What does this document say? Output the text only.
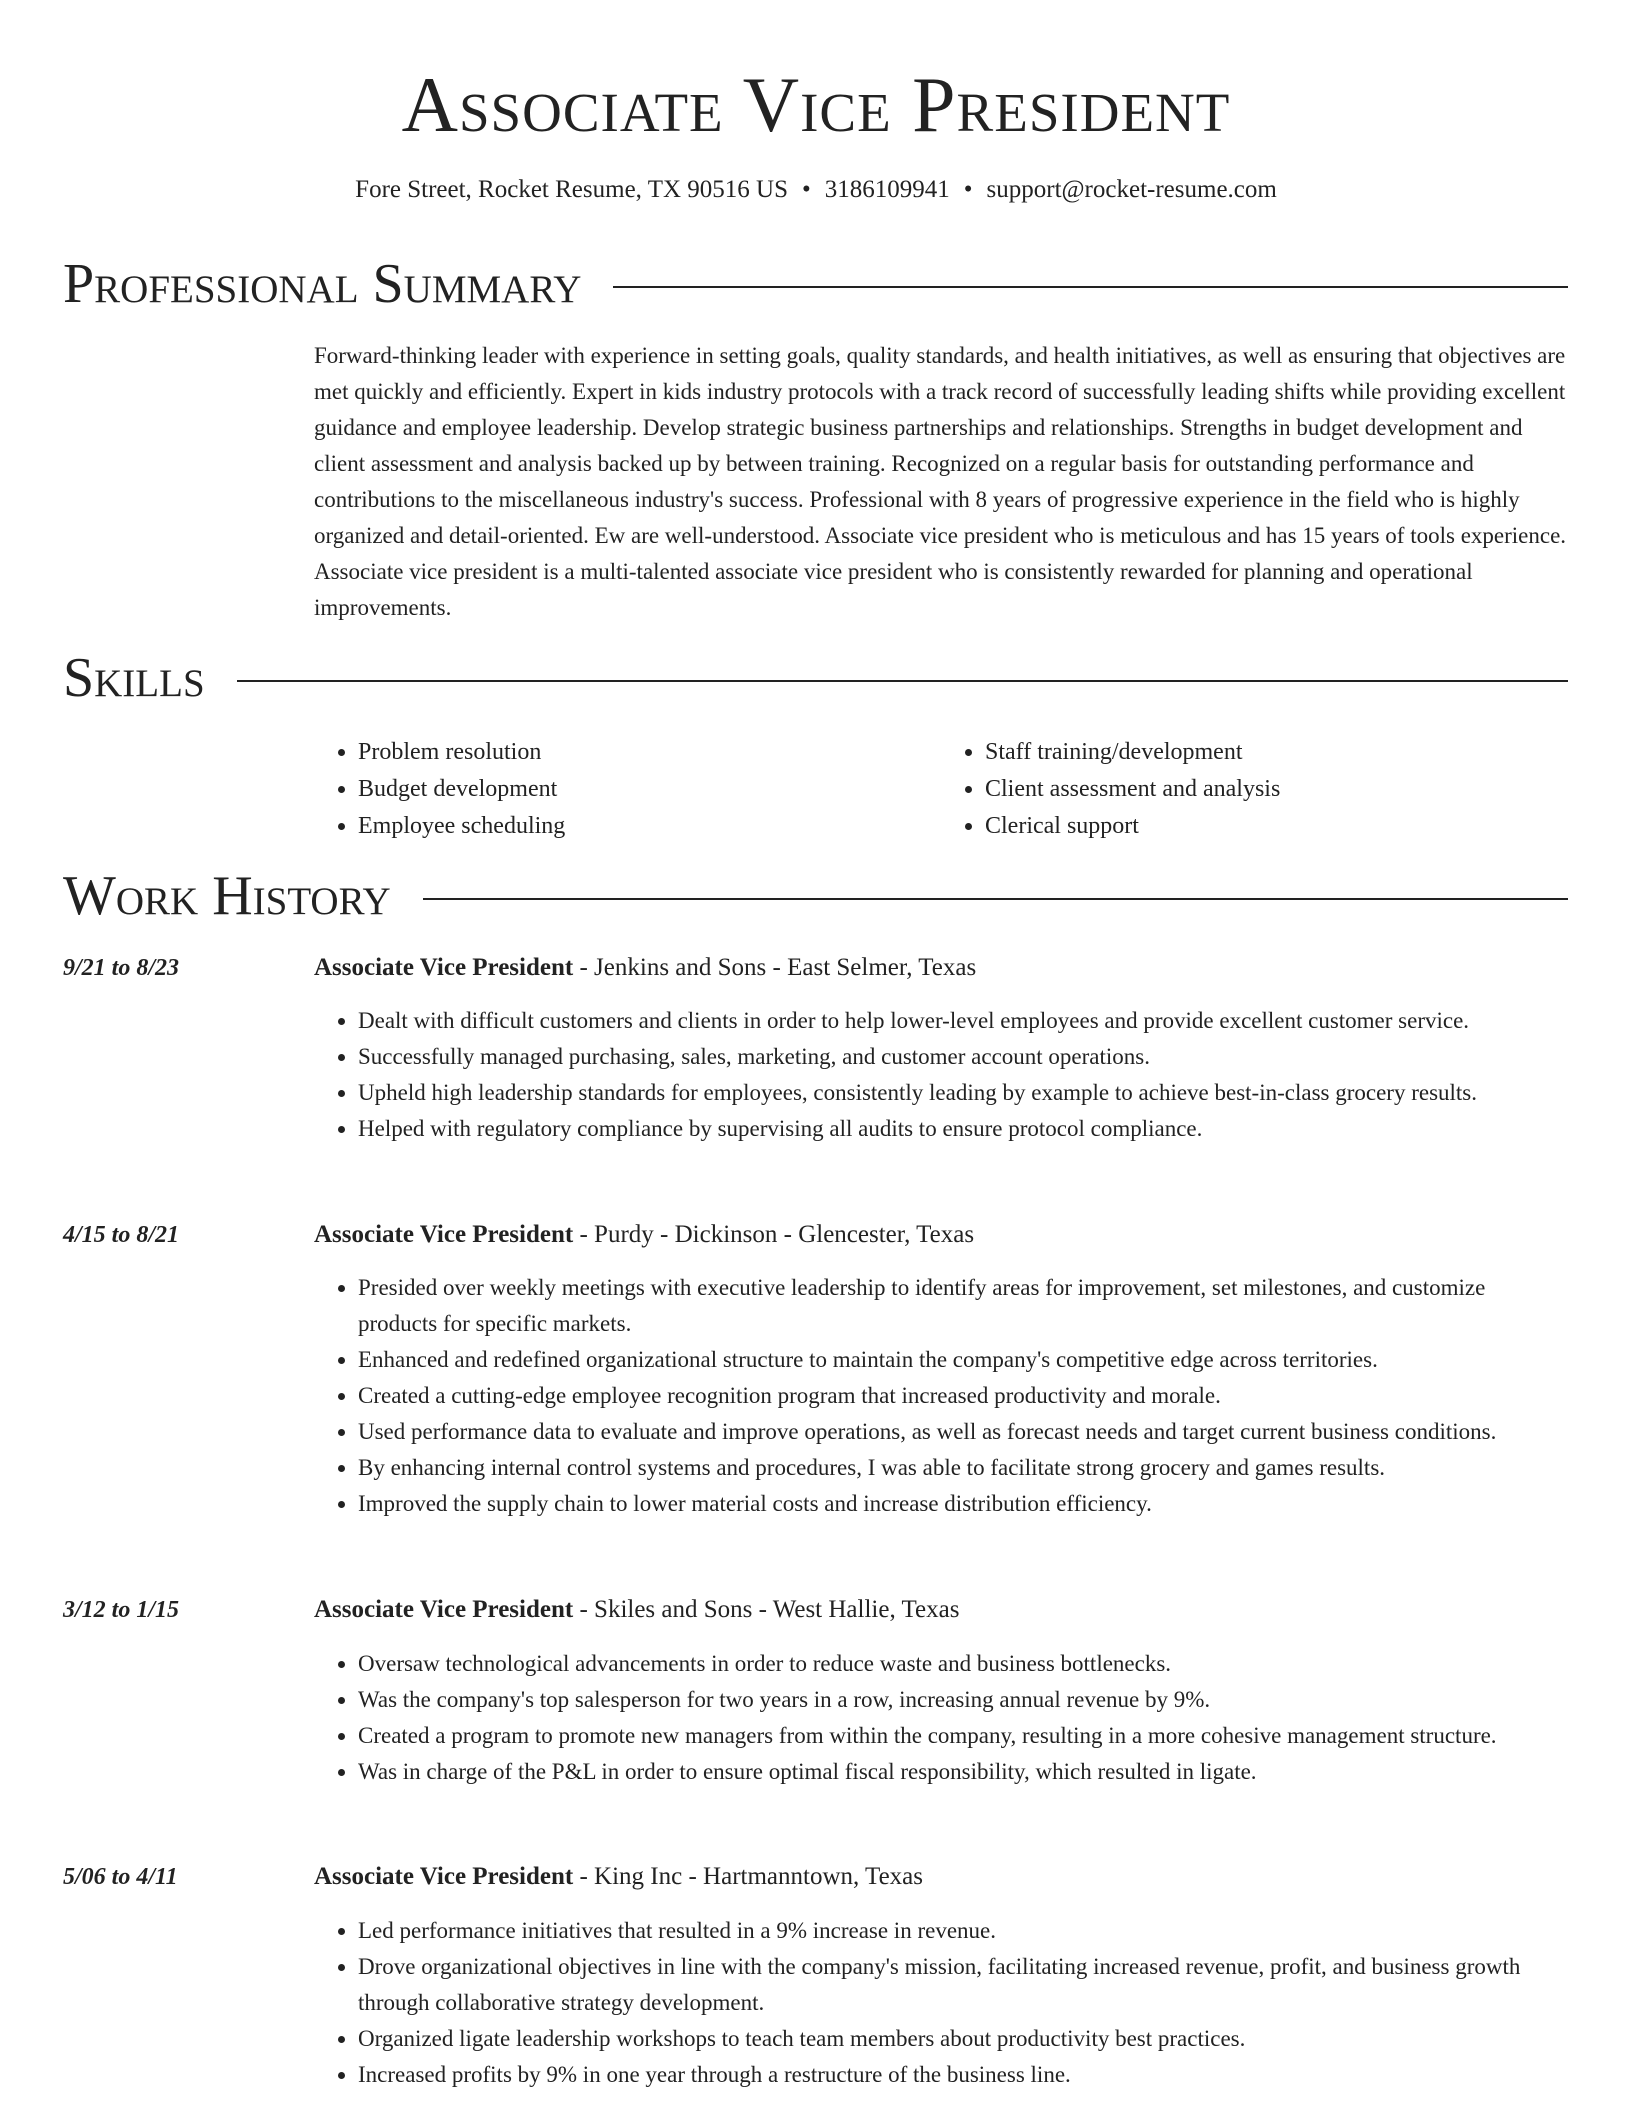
Associate Vice President
Fore Street, Rocket Resume, TX 90516 US • 3186109941 • support@rocket-resume.com
Professional Summary

Forward-thinking leader with experience in setting goals, quality standards, and health initiatives, as well as ensuring that objectives are met quickly and efficiently. Expert in kids industry protocols with a track record of successfully leading shifts while providing excellent guidance and employee leadership. Develop strategic business partnerships and relationships. Strengths in budget development and client assessment and analysis backed up by between training. Recognized on a regular basis for outstanding performance and contributions to the miscellaneous industry's success. Professional with 8 years of progressive experience in the field who is highly organized and detail-oriented. Ew are well-understood. Associate vice president who is meticulous and has 15 years of tools experience. Associate vice president is a multi-talented associate vice president who is consistently rewarded for planning and operational improvements.

Skills
• Problem resolution
• Budget development
• Employee scheduling
• Staff training/development
• Client assessment and analysis
• Clerical support
Work History
9/21 to 8/23	Associate Vice President - Jenkins and Sons - East Selmer, Texas
• Dealt with difficult customers and clients in order to help lower-level employees and provide excellent customer service.
• Successfully managed purchasing, sales, marketing, and customer account operations.
• Upheld high leadership standards for employees, consistently leading by example to achieve best-in-class grocery results.
• Helped with regulatory compliance by supervising all audits to ensure protocol compliance.
4/15 to 8/21	Associate Vice President - Purdy - Dickinson - Glencester, Texas
• Presided over weekly meetings with executive leadership to identify areas for improvement, set milestones, and customize products for specific markets.
• Enhanced and redefined organizational structure to maintain the company's competitive edge across territories.
• Created a cutting-edge employee recognition program that increased productivity and morale.
• Used performance data to evaluate and improve operations, as well as forecast needs and target current business conditions.
• By enhancing internal control systems and procedures, I was able to facilitate strong grocery and games results.
• Improved the supply chain to lower material costs and increase distribution efficiency.
3/12 to 1/15	Associate Vice President - Skiles and Sons - West Hallie, Texas
• Oversaw technological advancements in order to reduce waste and business bottlenecks.
• Was the company's top salesperson for two years in a row, increasing annual revenue by 9%.
• Created a program to promote new managers from within the company, resulting in a more cohesive management structure.
• Was in charge of the P&L in order to ensure optimal fiscal responsibility, which resulted in ligate.
5/06 to 4/11	Associate Vice President - King Inc - Hartmanntown, Texas
• Led performance initiatives that resulted in a 9% increase in revenue.
• Drove organizational objectives in line with the company's mission, facilitating increased revenue, profit, and business growth through collaborative strategy development.
• Organized ligate leadership workshops to teach team members about productivity best practices.
• Increased profits by 9% in one year through a restructure of the business line.
